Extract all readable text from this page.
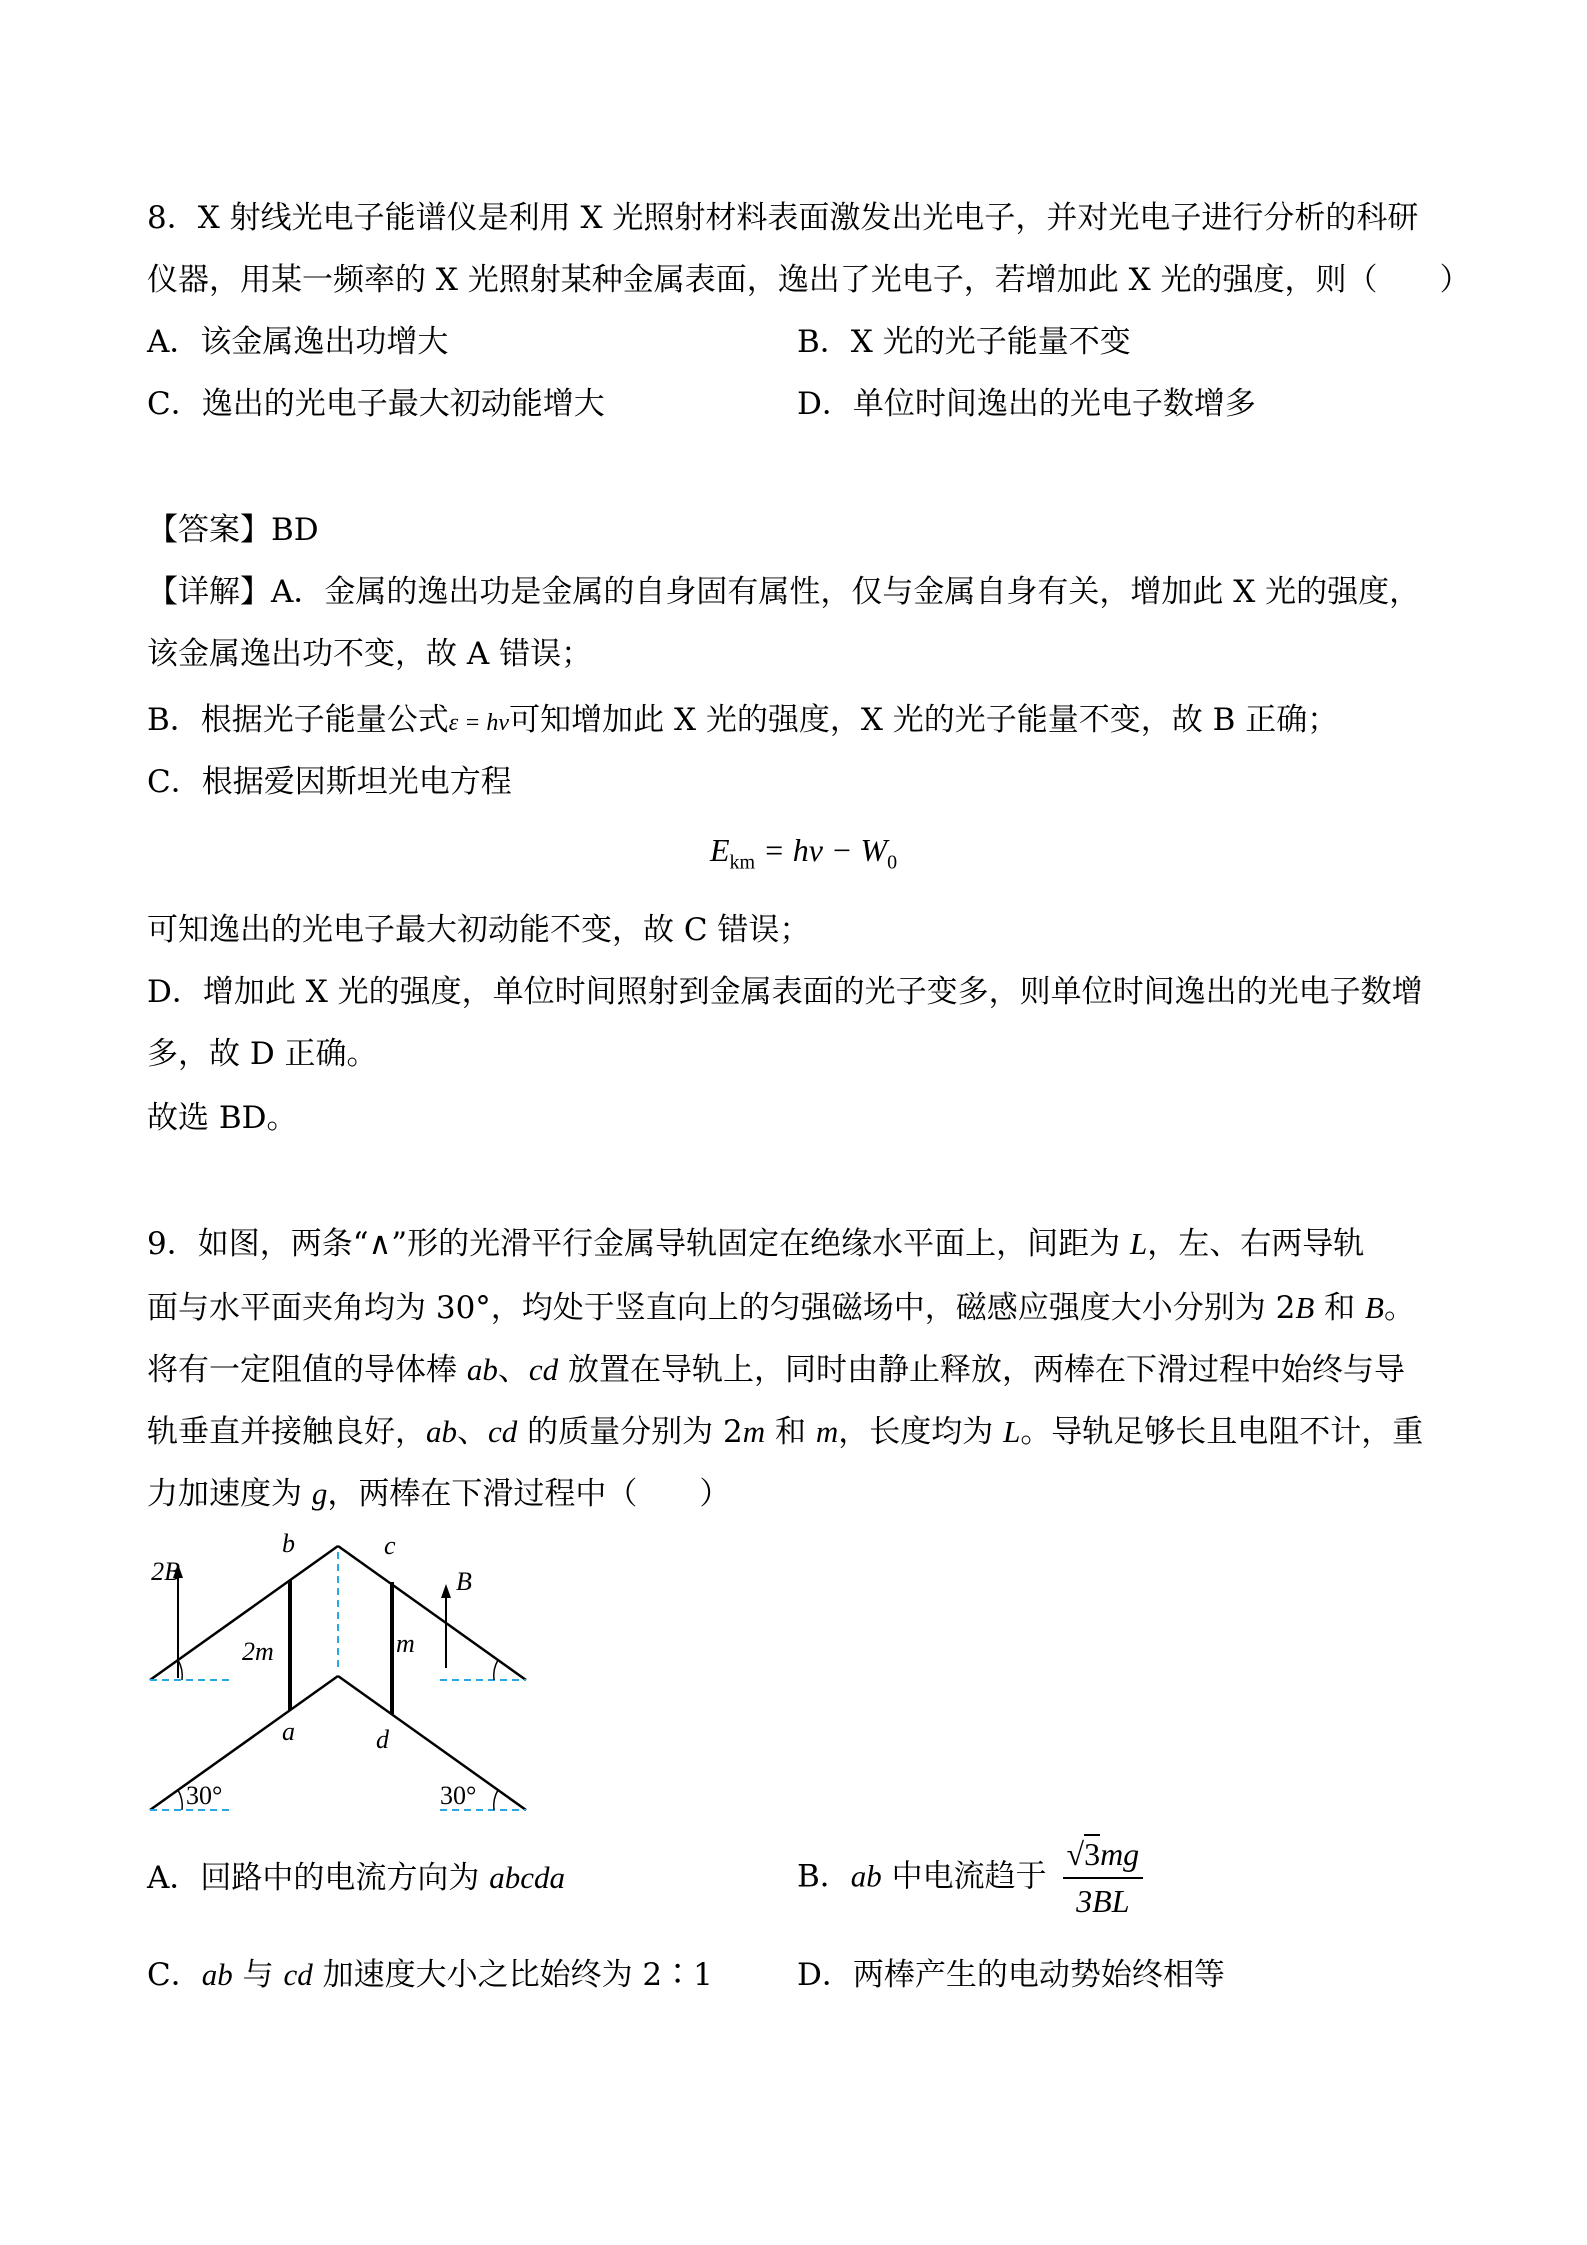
8．X 射线光电子能谱仪是利用 X 光照射材料表面激发出光电子，并对光电子进行分析的科研
仪器，用某一频率的 X 光照射某种金属表面，逸出了光电子，若增加此 X 光的强度，则（　　）
A．该金属逸出功增大	B．X 光的光子能量不变
C．逸出的光电子最大初动能增大	D．单位时间逸出的光电子数增多
【答案】BD
【详解】A．金属的逸出功是金属的自身固有属性，仅与金属自身有关，增加此 X 光的强度，
该金属逸出功不变，故 A 错误；
B．根据光子能量公式ε = hν可知增加此 X 光的强度，X 光的光子能量不变，故 B 正确；
C．根据爱因斯坦光电方程
$E_{km} = h\nu - W_0$
可知逸出的光电子最大初动能不变，故 C 错误；
D．增加此 X 光的强度，单位时间照射到金属表面的光子变多，则单位时间逸出的光电子数增
多，故 D 正确。
故选 BD。
9．如图，两条“∧”形的光滑平行金属导轨固定在绝缘水平面上，间距为 L，左、右两导轨
面与水平面夹角均为 30°，均处于竖直向上的匀强磁场中，磁感应强度大小分别为 2B 和 B。
将有一定阻值的导体棒 ab、cd 放置在导轨上，同时由静止释放，两棒在下滑过程中始终与导
轨垂直并接触良好，ab、cd 的质量分别为 2m 和 m，长度均为 L。导轨足够长且电阻不计，重
力加速度为 g，两棒在下滑过程中（　　）
2B	B
b	c
2m	m
a	d
30°	30°
A．回路中的电流方向为 abcda	B．ab 中电流趋于 $\frac{√3mg}{3BL}$
C．ab 与 cd 加速度大小之比始终为 2∶1	D．两棒产生的电动势始终相等
